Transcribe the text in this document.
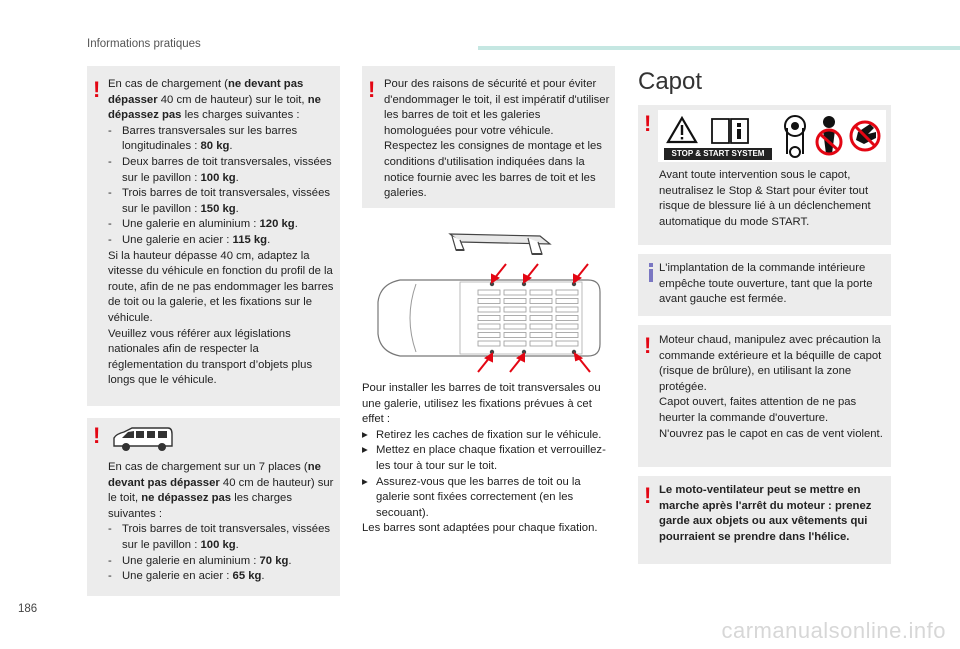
Informations pratiques
! En cas de chargement (ne devant pas dépasser 40 cm de hauteur) sur le toit, ne dépassez pas les charges suivantes :

- Barres transversales sur les barres longitudinales : 80 kg.
- Deux barres de toit transversales, vissées sur le pavillon : 100 kg.
- Trois barres de toit transversales, vissées sur le pavillon : 150 kg.
- Une galerie en aluminium : 120 kg.
- Une galerie en acier : 115 kg.

Si la hauteur dépasse 40 cm, adaptez la vitesse du véhicule en fonction du profil de la route, afin de ne pas endommager les barres de toit ou la galerie, et les fixations sur le véhicule.

Veuillez vous référer aux législations nationales afin de respecter la réglementation du transport d’objets plus longs que le véhicule.

!

En cas de chargement sur un 7 places (ne devant pas dépasser 40 cm de hauteur) sur le toit, ne dépassez pas les charges suivantes :

- Trois barres de toit transversales, vissées sur le pavillon : 100 kg.
- Une galerie en aluminium : 70 kg.
- Une galerie en acier : 65 kg.
! Pour des raisons de sécurité et pour éviter d'endommager le toit, il est impératif d'utiliser les barres de toit et les galeries homologuées pour votre véhicule. Respectez les consignes de montage et les conditions d'utilisation indiquées dans la notice fournie avec les barres de toit et les galeries.

Pour installer les barres de toit transversales ou une galerie, utilisez les fixations prévues à cet effet :

▸ Retirez les caches de fixation sur le véhicule.
▸ Mettez en place chaque fixation et verrouillez-les tour à tour sur le toit.
▸ Assurez-vous que les barres de toit ou la galerie sont fixées correctement (en les secouant).

Les barres sont adaptées pour chaque fixation.

Capot
!
STOP & START SYSTEM

Avant toute intervention sous le capot, neutralisez le Stop & Start pour éviter tout risque de blessure lié à un déclenchement automatique du mode START.

L'implantation de la commande intérieure empêche toute ouverture, tant que la porte avant gauche est fermée.

! Moteur chaud, manipulez avec précaution la commande extérieure et la béquille de capot (risque de brûlure), en utilisant la zone protégée.

Capot ouvert, faites attention de ne pas heurter la commande d'ouverture.

N'ouvrez pas le capot en cas de vent violent.

! Le moto-ventilateur peut se mettre en marche après l'arrêt du moteur : prenez garde aux objets ou aux vêtements qui pourraient se prendre dans l'hélice.

186
carmanualsonline.info
